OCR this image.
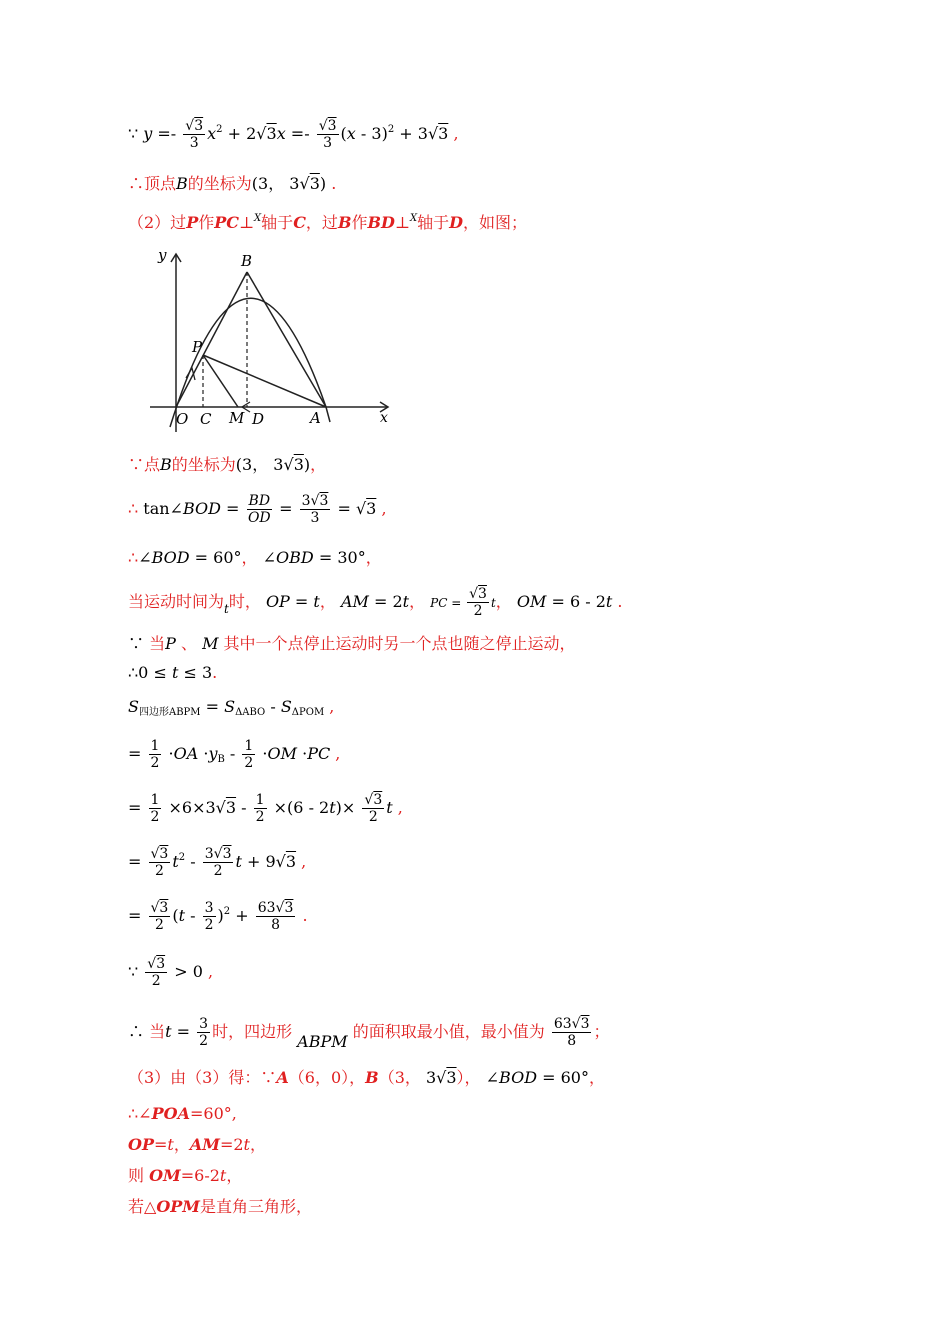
∵ $y =- \frac{√3}{3} x^2 + 2√3x =- \frac{√3}{3} (x - 3)^2 + 3√3$ ,
∴顶点B的坐标为(3， 3√3) .
（2）过P作PC⊥$^X$轴于C，过B作BD⊥$^X$轴于D，如图；
y
x
B
P
O C M D	A
∵点B的坐标为(3， 3√3)，
∴ tan∠BOD = $\frac{BD}{OD} = \frac{3√3}{3} = √3$ ,
∴∠BOD = 60°， ∠OBD = 30°，
当运动时间为$_t$时， OP = t， AM = 2t， PC = $\frac{√3}{2}$ t， OM = 6 - 2t .
∵ 当P 、 M 其中一个点停止运动时另一个点也随之停止运动，
∴0 ≤ t ≤ 3.
$S_{四边形ABPM} = S_{\Delta ABO} - S_{\Delta POM}$ ,
= $\frac{1}{2} \cdot OA \cdot y_B - \frac{1}{2} \cdot OM \cdot PC$ ,
= $\frac{1}{2} \times 6\times 3√3 - \frac{1}{2} \times(6 - 2t)\times \frac{√3}{2}$ t ,
= $\frac{√3}{2} t^2 - \frac{3√3}{2}$ t + 9√3 ,
= $\frac{√3}{2} (t - \frac{3}{2} )^2 + \frac{63√3}{8}$ .
∵ $\frac{√3}{2} > 0$ ,
∴ 当$t = \frac{3}{2}$ 时，四边形 ABPM 的面积取最小值，最小值为 $\frac{63√3}{8}$ ；
（3）由（3）得：∵A（6，0），B（3， 3√3）， ∠BOD = 60°，
∴∠POA=60°,
OP=t，AM=2t，
则 OM=6-2t，
若△OPM是直角三角形，
